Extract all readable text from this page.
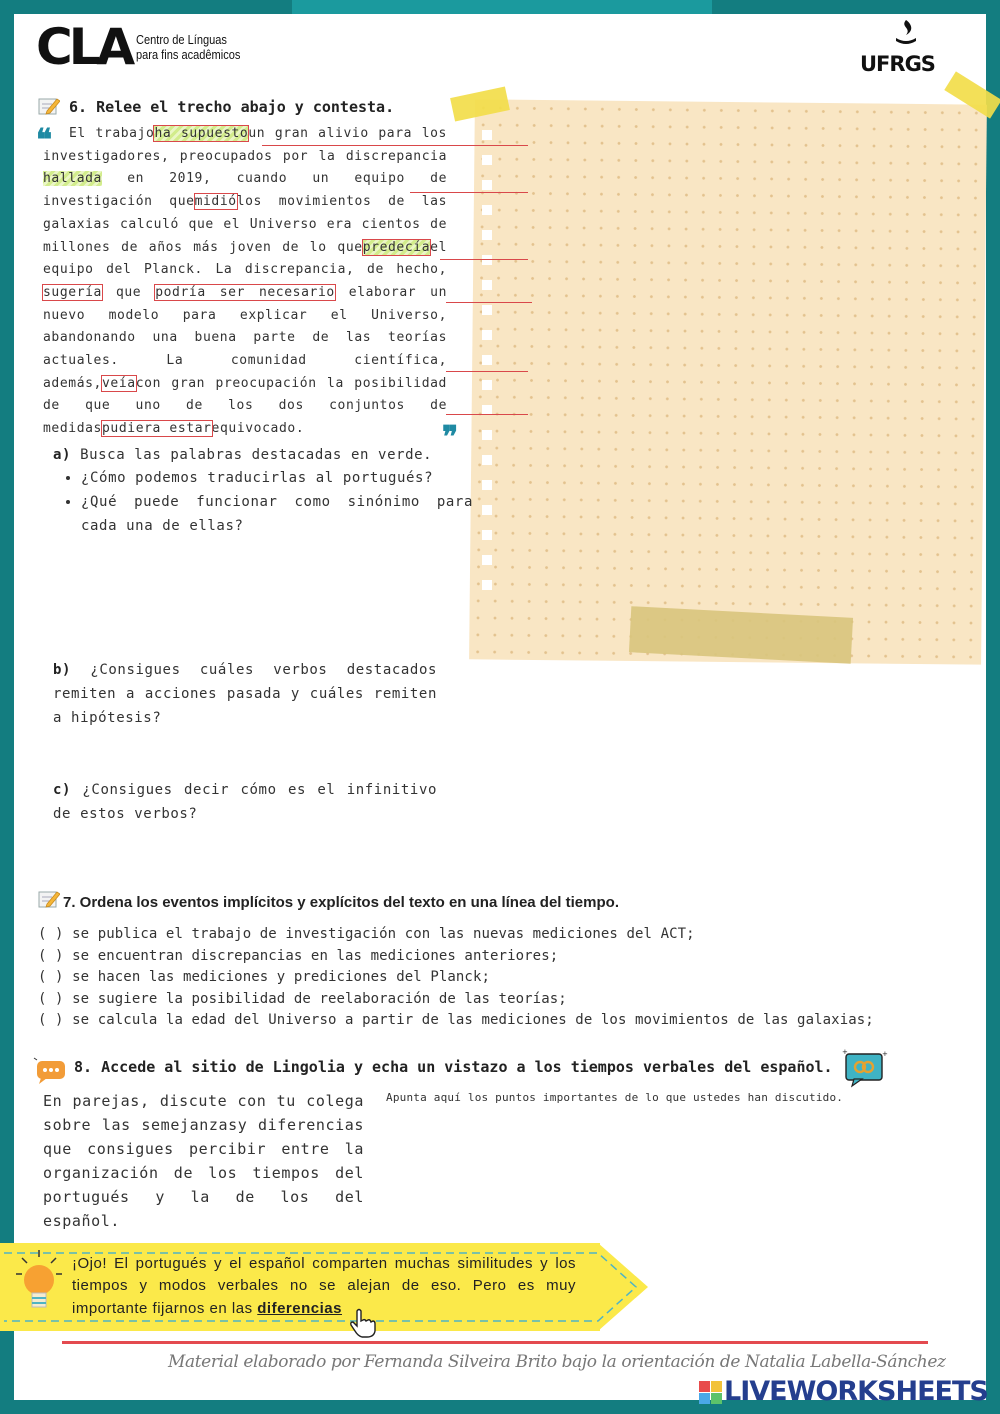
CLA Centro de Línguas
para fins acadêmicos	UFRGS
6. Relee el trecho abajo y contesta.
❝	El trabajoha supuestoun gran alivio para los investigadores, preocupados por la discrepancia hallada en 2019, cuando un equipo de investigación quemidiólos movimientos de las galaxias calculó que el Universo era cientos de millones de años más joven de lo quepredecíael equipo del Planck. La discrepancia, de hecho, sugería que podría ser necesario elaborar un nuevo modelo para explicar el Universo, abandonando una buena parte de las teorías actuales. La comunidad científica, además,veíacon gran preocupación la posibilidad de que uno de los dos conjuntos de medidaspudiera estarequivocado.	❞
a) Busca las palabras destacadas en verde.
• ¿Cómo podemos traducirlas al portugués?
• ¿Qué puede funcionar como sinónimo para cada una de ellas?
b) ¿Consigues cuáles verbos destacados remiten a acciones pasada y cuáles remiten a hipótesis?
c) ¿Consigues decir cómo es el infinitivo de estos verbos?
7. Ordena los eventos implícitos y explícitos del texto en una línea del tiempo.
( ) se publica el trabajo de investigación con las nuevas mediciones del ACT;
( ) se encuentran discrepancias en las mediciones anteriores;
( ) se hacen las mediciones y prediciones del Planck;
( ) se sugiere la posibilidad de reelaboración de las teorías;
( ) se calcula la edad del Universo a partir de las mediciones de los movimientos de las galaxias;
8. Accede al sitio de Lingolia y echa un vistazo a los tiempos verbales del español.
+	+
En parejas, discute con tu colega sobre las semejanzasy diferencias que consigues percibir entre la organización de los tiempos del portugués y la de los del español.
Apunta aquí los puntos importantes de lo que ustedes han discutido.
¡Ojo! El portugués y el español comparten muchas similitudes y los tiempos y modos verbales no se alejan de eso. Pero es muy importante fijarnos en las diferencias
Material elaborado por Fernanda Silveira Brito bajo la orientación de Natalia Labella-Sánchez
LIVEWORKSHEETS
